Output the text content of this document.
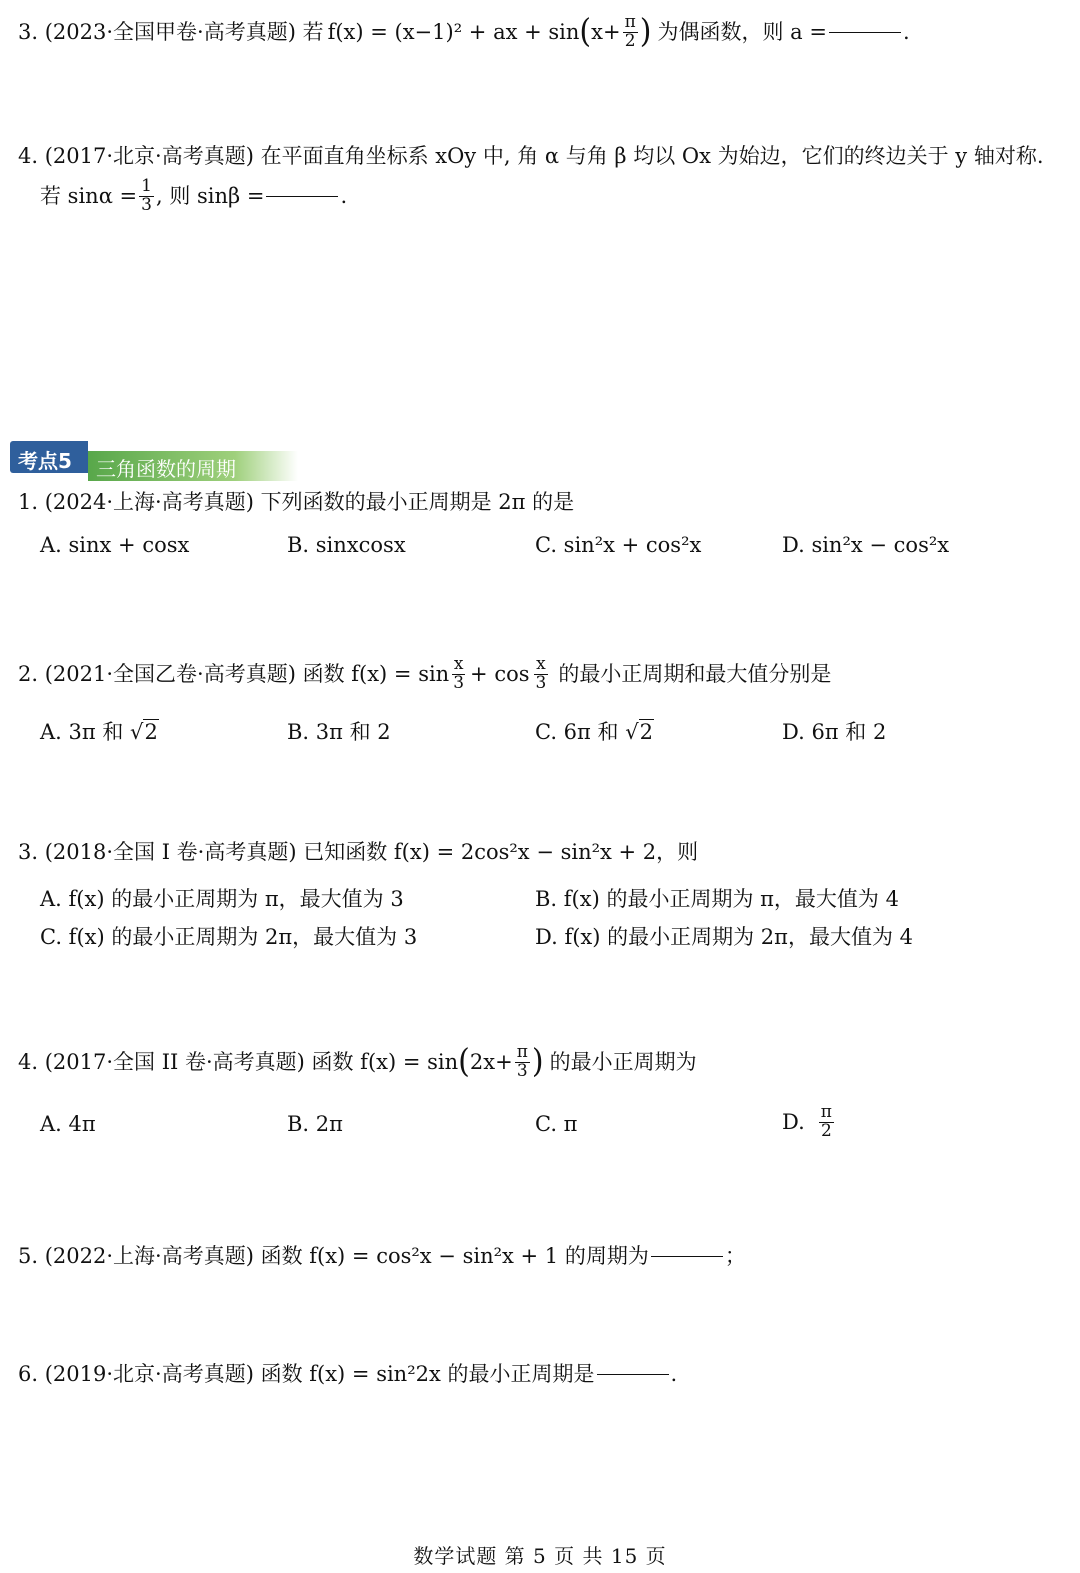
3. (2023·全国甲卷·高考真题) 若 f(x) = (x−1)² + ax + sin ( $x+ \frac{\pi}{2}$ ) 为偶函数，则 a =	.
4. (2017·北京·高考真题) 在平面直角坐标系 xOy 中, 角 α 与角 β 均以 Ox 为始边，它们的终边关于 y 轴对称.
若 $\sin\alpha = \frac{1}{3}$ , 则 sinβ =	.
三角函数的周期
考点5
1. (2024·上海·高考真题) 下列函数的最小正周期是 2π 的是
A. sinx + cosx	B. sinxcosx	C. sin²x + cos²x	D. sin²x − cos²x
2. (2021·全国乙卷·高考真题) 函数 $f(x) = \sin \frac{x}{3} + \cos \frac{x}{3}$ 的最小正周期和最大值分别是
A. 3π 和 √2	B. 3π 和 2	C. 6π 和 √2	D. 6π 和 2
3. (2018·全国 I 卷·高考真题) 已知函数 f(x) = 2cos²x − sin²x + 2，则
A. f(x) 的最小正周期为 π，最大值为 3	B. f(x) 的最小正周期为 π，最大值为 4
C. f(x) 的最小正周期为 2π，最大值为 3	D. f(x) 的最小正周期为 2π，最大值为 4
4. (2017·全国 II 卷·高考真题) 函数 f(x) = sin ( $2x+ \frac{\pi}{3}$ ) 的最小正周期为
A. 4π	B. 2π	C. π	D. $\frac{\pi}{2}$
5. (2022·上海·高考真题) 函数 f(x) = cos²x − sin²x + 1 的周期为	；
6. (2019·北京·高考真题) 函数 f(x) = sin²2x 的最小正周期是	.
数学试题 第 5 页 共 15 页
